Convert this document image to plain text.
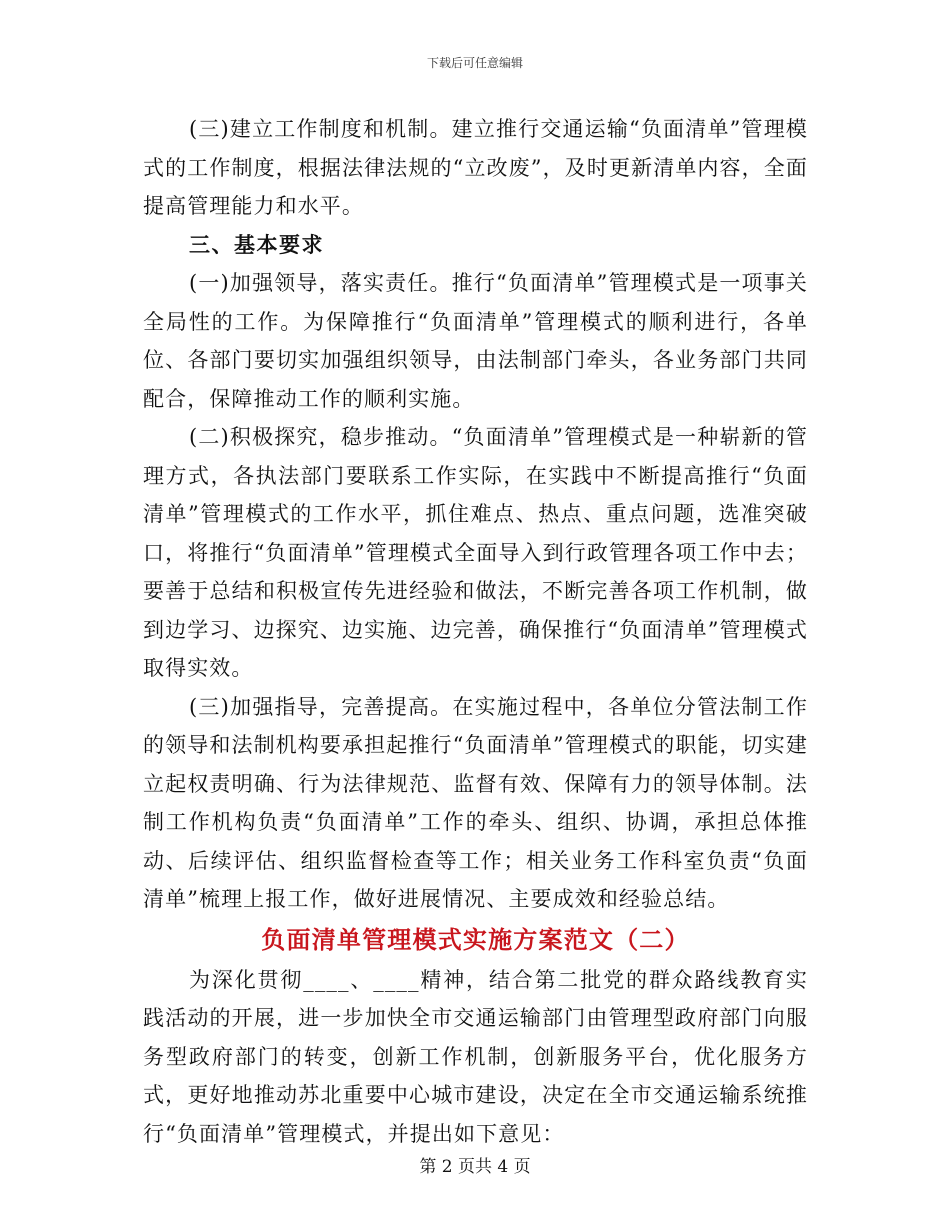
下载后可任意编辑

(三)建立工作制度和机制。建立推行交通运输“负面清单”管理模式的工作制度，根据法律法规的“立改废”，及时更新清单内容，全面提高管理能力和水平。

三、基本要求

(一)加强领导，落实责任。推行“负面清单”管理模式是一项事关全局性的工作。为保障推行“负面清单”管理模式的顺利进行，各单位、各部门要切实加强组织领导，由法制部门牵头，各业务部门共同配合，保障推动工作的顺利实施。

(二)积极探究，稳步推动。“负面清单”管理模式是一种崭新的管理方式，各执法部门要联系工作实际，在实践中不断提高推行“负面清单”管理模式的工作水平，抓住难点、热点、重点问题，选准突破口，将推行“负面清单”管理模式全面导入到行政管理各项工作中去；要善于总结和积极宣传先进经验和做法，不断完善各项工作机制，做到边学习、边探究、边实施、边完善，确保推行“负面清单”管理模式取得实效。

(三)加强指导，完善提高。在实施过程中，各单位分管法制工作的领导和法制机构要承担起推行“负面清单”管理模式的职能，切实建立起权责明确、行为法律规范、监督有效、保障有力的领导体制。法制工作机构负责“负面清单”工作的牵头、组织、协调，承担总体推动、后续评估、组织监督检查等工作；相关业务工作科室负责“负面清单”梳理上报工作，做好进展情况、主要成效和经验总结。

负面清单管理模式实施方案范文（二）

为深化贯彻____、____精神，结合第二批党的群众路线教育实践活动的开展，进一步加快全市交通运输部门由管理型政府部门向服务型政府部门的转变，创新工作机制，创新服务平台，优化服务方式，更好地推动苏北重要中心城市建设，决定在全市交通运输系统推行“负面清单”管理模式，并提出如下意见：

第 2 页共 4 页
